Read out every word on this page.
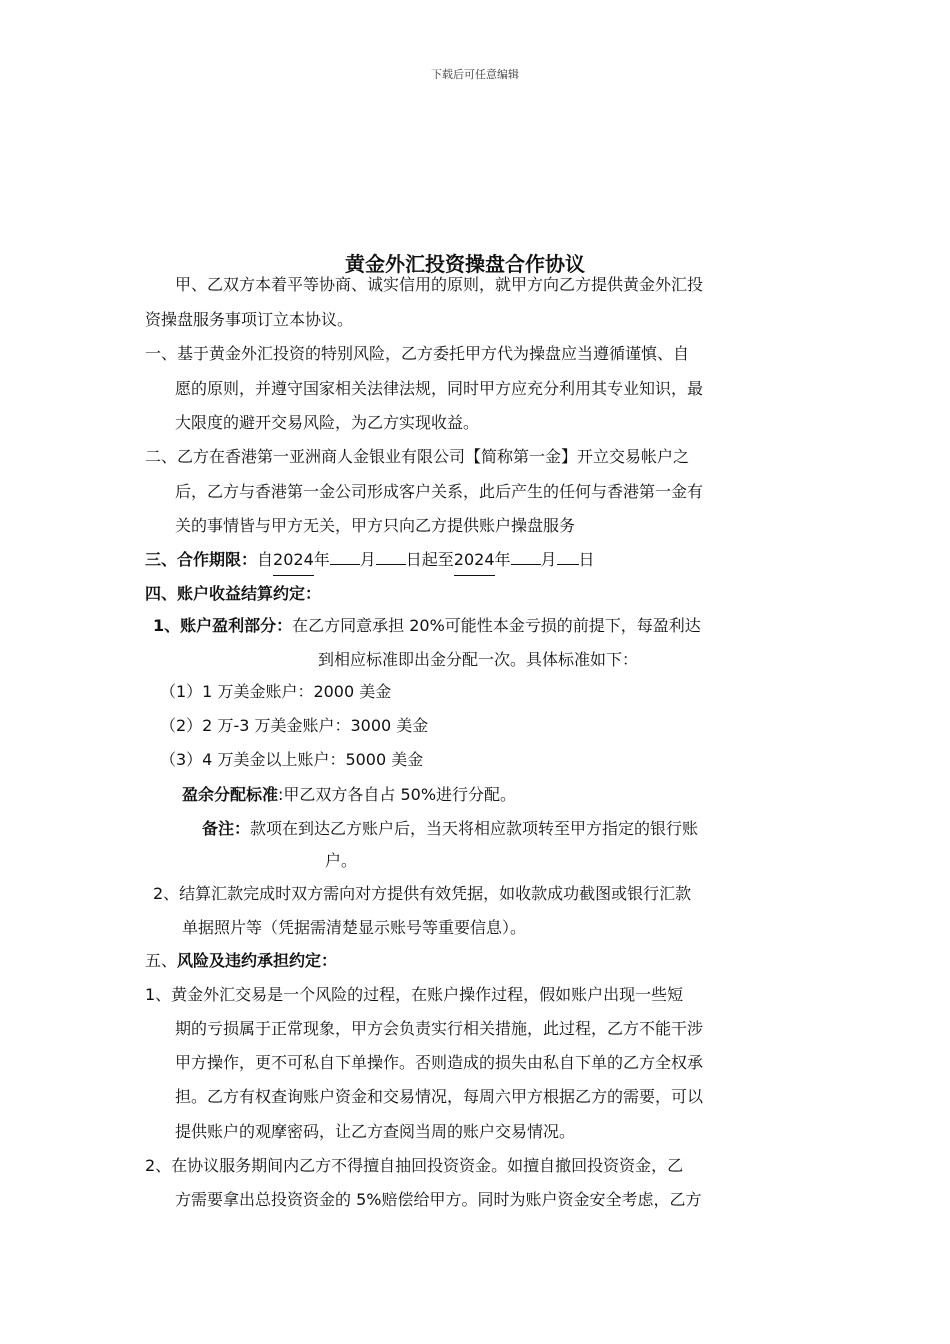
下载后可任意编辑
黄金外汇投资操盘合作协议
甲、乙双方本着平等协商、诚实信用的原则，就甲方向乙方提供黄金外汇投
资操盘服务事项订立本协议。
一、基于黄金外汇投资的特别风险，乙方委托甲方代为操盘应当遵循谨慎、自
愿的原则，并遵守国家相关法律法规，同时甲方应充分利用其专业知识，最
大限度的避开交易风险，为乙方实现收益。
二、乙方在香港第一亚洲商人金银业有限公司【简称第一金】开立交易帐户之
后，乙方与香港第一金公司形成客户关系，此后产生的任何与香港第一金有
关的事情皆与甲方无关，甲方只向乙方提供账户操盘服务
三、合作期限：自2024年 月 日起至2024年 月 日
四、账户收益结算约定：
1、账户盈利部分：在乙方同意承担 20%可能性本金亏损的前提下，每盈利达
到相应标准即出金分配一次。具体标准如下：
（1）1 万美金账户：2000 美金
（2）2 万-3 万美金账户：3000 美金
（3）4 万美金以上账户：5000 美金
盈余分配标准:甲乙双方各自占 50%进行分配。
备注：款项在到达乙方账户后，当天将相应款项转至甲方指定的银行账
户。
2、结算汇款完成时双方需向对方提供有效凭据，如收款成功截图或银行汇款
单据照片等（凭据需清楚显示账号等重要信息）。
五、风险及违约承担约定：
1、黄金外汇交易是一个风险的过程，在账户操作过程，假如账户出现一些短
期的亏损属于正常现象，甲方会负责实行相关措施，此过程，乙方不能干涉
甲方操作，更不可私自下单操作。否则造成的损失由私自下单的乙方全权承
担。乙方有权查询账户资金和交易情况，每周六甲方根据乙方的需要，可以
提供账户的观摩密码，让乙方查阅当周的账户交易情况。
2、在协议服务期间内乙方不得擅自抽回投资资金。如擅自撤回投资资金，乙
方需要拿出总投资资金的 5%赔偿给甲方。同时为账户资金安全考虑，乙方
